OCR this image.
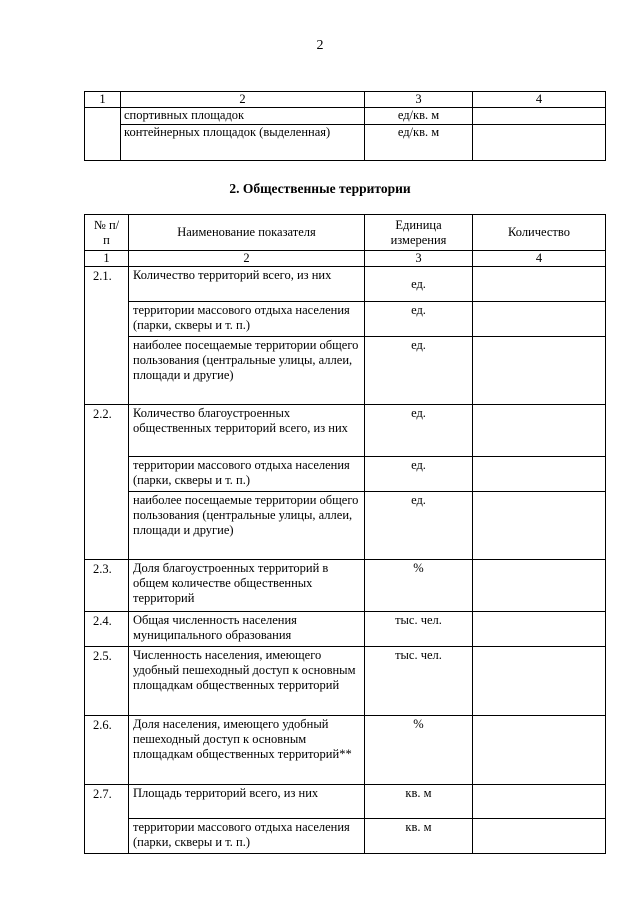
2
1	2	3	4
	спортивных площадок	ед/кв. м	
	контейнерных площадок (выделенная)	ед/кв. м	
2. Общественные территории
№ п/п	Наименование показателя	Единица измерения	Количество
1	2	3	4
2.1.	Количество территорий всего, из них	ед.	
	территории массового отдыха населения (парки, скверы и т. п.)	ед.	
	наиболее посещаемые территории общего пользования (центральные улицы, аллеи, площади и другие)	ед.	
2.2.	Количество благоустроенных общественных территорий всего, из них	ед.	
	территории массового отдыха населения (парки, скверы и т. п.)	ед.	
	наиболее посещаемые территории общего пользования (центральные улицы, аллеи, площади и другие)	ед.	
2.3.	Доля благоустроенных территорий в общем количестве общественных территорий	%	
2.4.	Общая численность населения муниципального образования	тыс. чел.	
2.5.	Численность населения, имеющего удобный пешеходный доступ к основным площадкам общественных территорий	тыс. чел.	
2.6.	Доля населения, имеющего удобный пешеходный доступ к основным площадкам общественных территорий**	%	
2.7.	Площадь территорий всего, из них	кв. м	
	территории массового отдыха населения (парки, скверы и т. п.)	кв. м	
